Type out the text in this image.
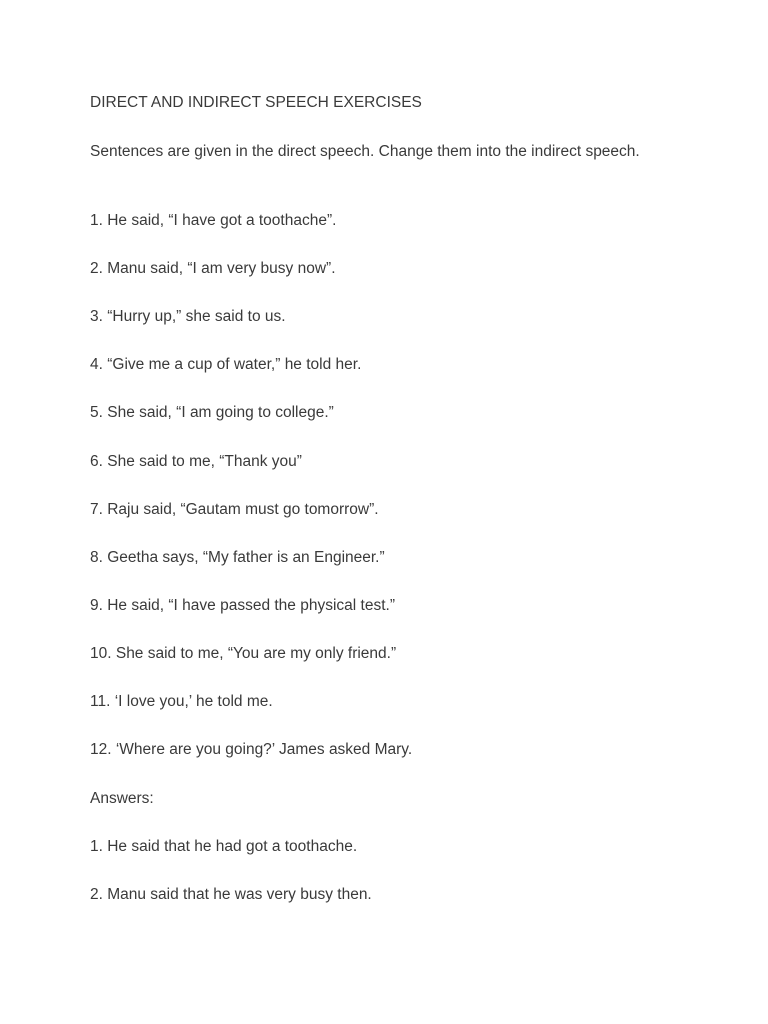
DIRECT AND INDIRECT SPEECH EXERCISES
Sentences are given in the direct speech. Change them into the indirect speech.
1. He said, “I have got a toothache”.
2. Manu said, “I am very busy now”.
3. “Hurry up,” she said to us.
4. “Give me a cup of water,” he told her.
5. She said, “I am going to college.”
6. She said to me, “Thank you”
7. Raju said, “Gautam must go tomorrow”.
8. Geetha says, “My father is an Engineer.”
9. He said, “I have passed the physical test.”
10. She said to me, “You are my only friend.”
11. ‘I love you,’ he told me.
12. ‘Where are you going?’ James asked Mary.
Answers:
1. He said that he had got a toothache.
2. Manu said that he was very busy then.
